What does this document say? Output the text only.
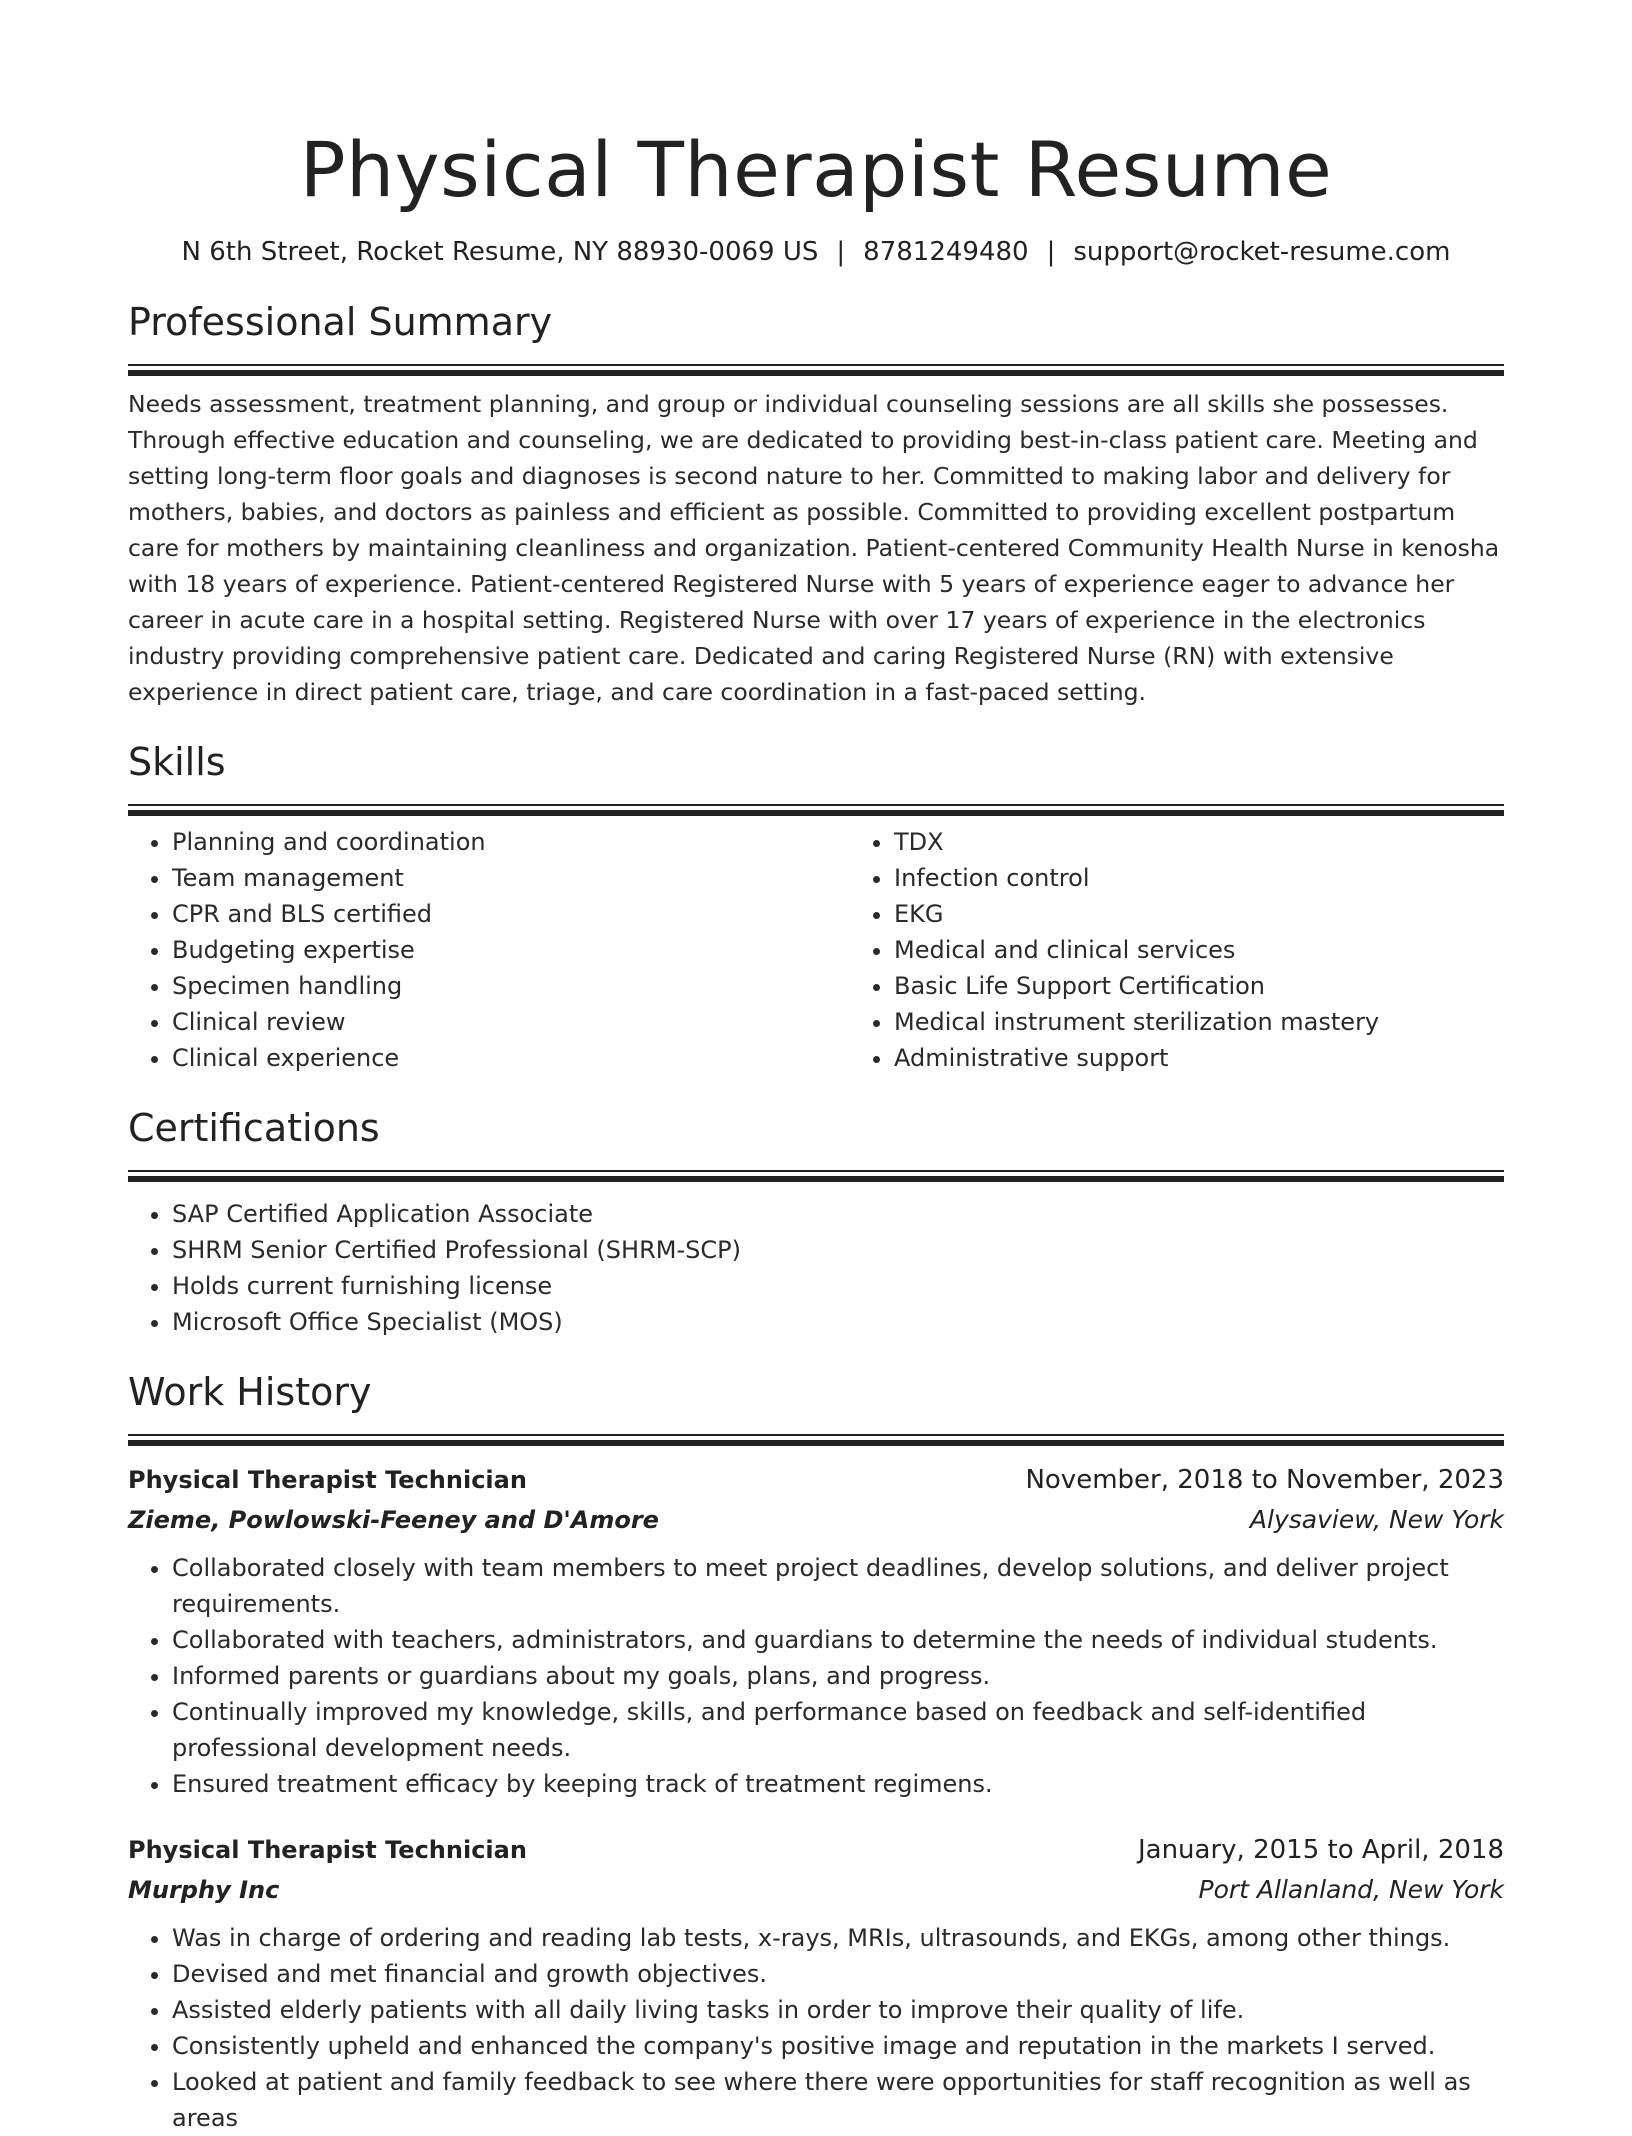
Physical Therapist Resume
N 6th Street, Rocket Resume, NY 88930-0069 US | 8781249480 | support@rocket-resume.com
Professional Summary

Needs assessment, treatment planning, and group or individual counseling sessions are all skills she possesses. Through effective education and counseling, we are dedicated to providing best-in-class patient care. Meeting and setting long-term floor goals and diagnoses is second nature to her. Committed to making labor and delivery for mothers, babies, and doctors as painless and efficient as possible. Committed to providing excellent postpartum care for mothers by maintaining cleanliness and organization. Patient-centered Community Health Nurse in kenosha with 18 years of experience. Patient-centered Registered Nurse with 5 years of experience eager to advance her career in acute care in a hospital setting. Registered Nurse with over 17 years of experience in the electronics industry providing comprehensive patient care. Dedicated and caring Registered Nurse (RN) with extensive experience in direct patient care, triage, and care coordination in a fast-paced setting.

Skills
• Planning and coordination
• Team management
• CPR and BLS certified
• Budgeting expertise
• Specimen handling
• Clinical review
• Clinical experience
• TDX
• Infection control
• EKG
• Medical and clinical services
• Basic Life Support Certification
• Medical instrument sterilization mastery
• Administrative support
Certifications
• SAP Certified Application Associate
• SHRM Senior Certified Professional (SHRM-SCP)
• Holds current furnishing license
• Microsoft Office Specialist (MOS)
Work History
Physical Therapist Technician	November, 2018 to November, 2023
Zieme, Powlowski-Feeney and D'Amore	Alysaview, New York
• Collaborated closely with team members to meet project deadlines, develop solutions, and deliver project requirements.
• Collaborated with teachers, administrators, and guardians to determine the needs of individual students.
• Informed parents or guardians about my goals, plans, and progress.
• Continually improved my knowledge, skills, and performance based on feedback and self-identified professional development needs.
• Ensured treatment efficacy by keeping track of treatment regimens.
Physical Therapist Technician	January, 2015 to April, 2018
Murphy Inc	Port Allanland, New York
• Was in charge of ordering and reading lab tests, x-rays, MRIs, ultrasounds, and EKGs, among other things.
• Devised and met financial and growth objectives.
• Assisted elderly patients with all daily living tasks in order to improve their quality of life.
• Consistently upheld and enhanced the company's positive image and reputation in the markets I served.
• Looked at patient and family feedback to see where there were opportunities for staff recognition as well as areas
